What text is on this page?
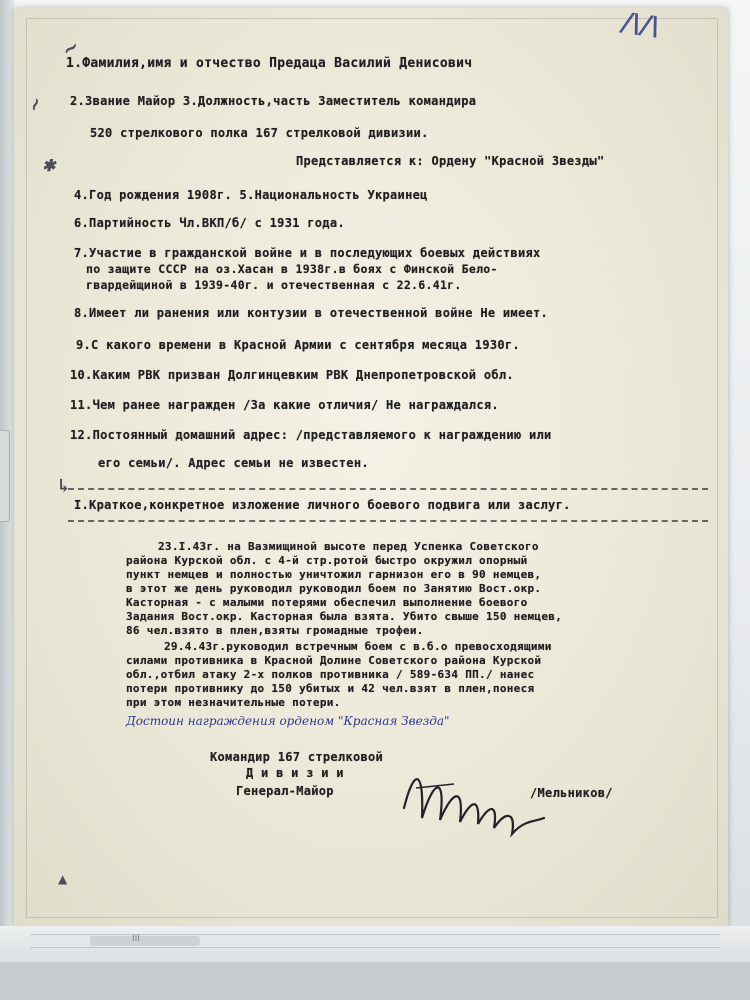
~
~
/\/\
✱
↳
▲
1.Фамилия,имя и отчество Предаца Василий Денисович
2.Звание Майор 3.Должность,часть Заместитель командира
520 стрелкового полка 167 стрелковой дивизии.
Представляется к: Ордену "Красной Звезды"
4.Год рождения 1908г. 5.Национальность Украинец
6.Партийность Чл.ВКП/б/ с 1931 года.
7.Участие в гражданской войне и в последующих боевых действиях
по защите СССР на оз.Хасан в 1938г.в боях с Финской Бело-
гвардейщиной в 1939-40г. и отечественная с 22.6.41г.
8.Имеет ли ранения или контузии в отечественной войне Не имеет.
9.С какого времени в Красной Армии с сентября месяца 1930г.
10.Каким РВК призван Долгинцевким РВК Днепропетровской обл.
11.Чем ранее награжден /За какие отличия/ Не награждался.
12.Постоянный домашний адрес: /представляемого к награждению или
его семьи/. Адрес семьи не известен.
I.Краткое,конкретное изложение личного боевого подвига или заслуг.
23.I.43г. на Вазмищиной высоте перед Успенка Советского
района Курской обл. с 4-й стр.ротой быстро окружил опорный
пункт немцев и полностью уничтожил гарнизон его в 90 немцев,
в этот же день руководил руководил боем по Занятию Вост.окр.
Касторная - с малыми потерями обеспечил выполнение боевого
Задания Вост.окр. Касторная была взята. Убито свыше 150 немцев,
86 чел.взято в плен,взяты громадные трофеи.
29.4.43г.руководил встречным боем с в.б.о превосходящими
силами противника в Красной Долине Советского района Курской
обл.,отбил атаку 2-х полков противника / 589-634 ПП./ нанес
потери противнику до 150 убитых и 42 чел.взят в плен,понеся
при этом незначительные потери.
Достоин награждения орденом "Красная Звезда"
Командир 167 стрелковой
Д и в и з и и
Генерал-Майор	/Мельников/
III
